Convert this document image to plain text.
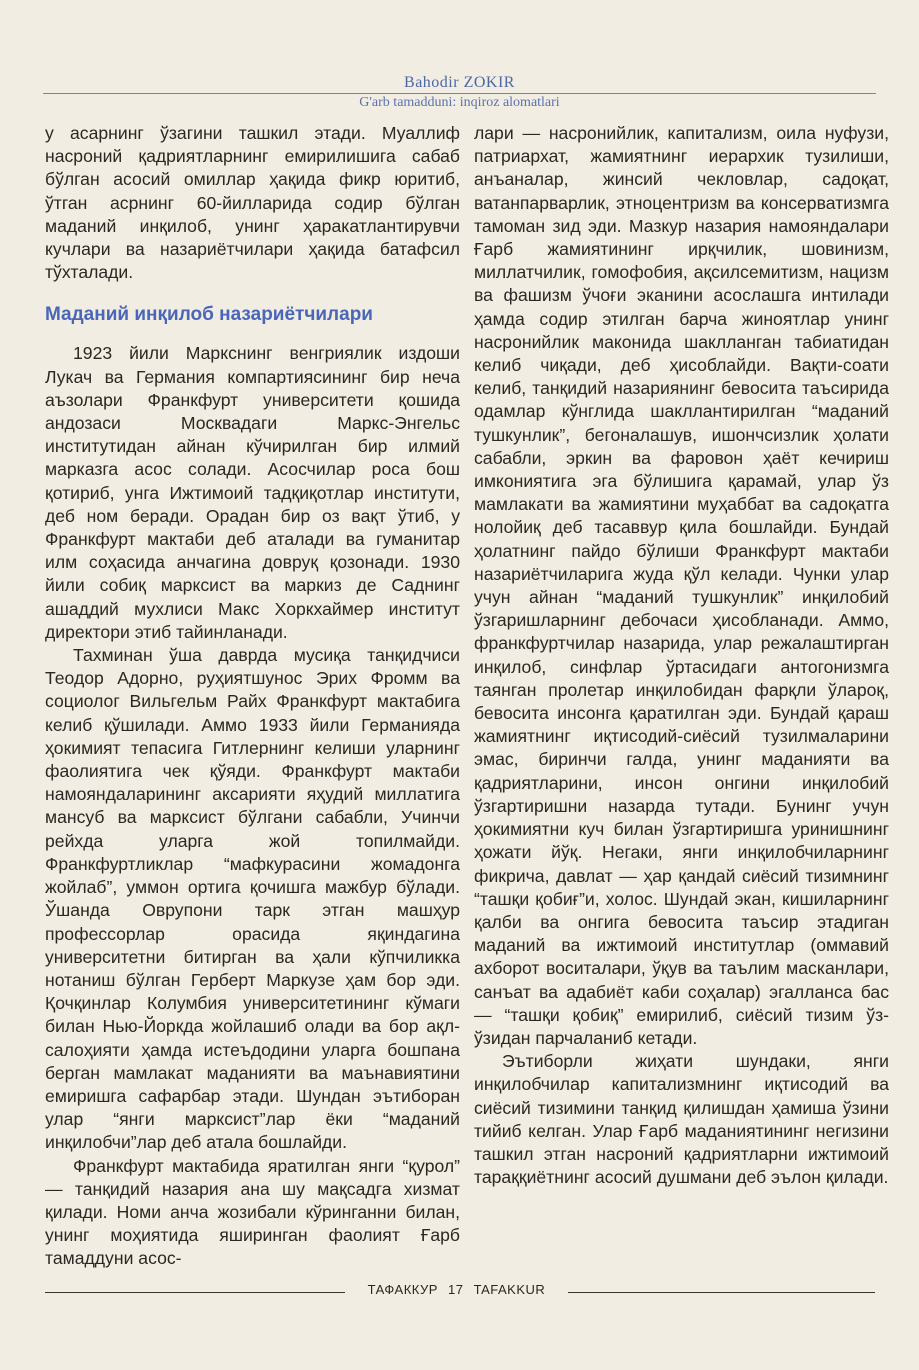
Bahodir ZOKIR
G'arb tamadduni: inqiroz alomatlari

у асарнинг ўзагини ташкил этади. Муаллиф насроний қадриятларнинг емирилишига сабаб бўлган асосий омиллар ҳақида фикр юритиб, ўтган асрнинг 60-йилларида содир бўлган маданий инқилоб, унинг ҳаракатлантирувчи кучлари ва назариётчилари ҳақида батафсил тўхталади.

Маданий инқилоб назариётчилари

1923 йили Маркснинг венгриялик издоши Лукач ва Германия компартиясининг бир неча аъзолари Франкфурт университети қошида андозаси Москвадаги Маркс-Энгельс институтидан айнан кўчирилган бир илмий марказга асос солади. Асосчилар роса бош қотириб, унга Ижтимоий тадқиқотлар институти, деб ном беради. Орадан бир оз вақт ўтиб, у Франкфурт мактаби деб аталади ва гуманитар илм соҳасида анчагина довруқ қозонади. 1930 йили собиқ марксист ва маркиз де Саднинг ашаддий мухлиси Макс Хоркхаймер институт директори этиб тайинланади.

Тахминан ўша даврда мусиқа танқидчиси Теодор Адорно, руҳиятшунос Эрих Фромм ва социолог Вильгельм Райх Франкфурт мактабига келиб қўшилади. Аммо 1933 йили Германияда ҳокимият тепасига Гитлернинг келиши уларнинг фаолиятига чек қўяди. Франкфурт мактаби намояндаларининг аксарияти яҳудий миллатига мансуб ва марксист бўлгани сабабли, Учинчи рейхда уларга жой топилмайди. Франкфуртликлар “мафкурасини жомадонга жойлаб”, уммон ортига қочишга мажбур бўлади. Ўшанда Оврупони тарк этган машҳур профессорлар орасида яқиндагина университетни битирган ва ҳали кўпчиликка нотаниш бўлган Герберт Маркузе ҳам бор эди. Қочқинлар Колумбия университетининг кўмаги билан Нью-Йоркда жойлашиб олади ва бор ақл-салоҳияти ҳамда истеъдодини уларга бошпана берган мамлакат маданияти ва маънавиятини емиришга сафарбар этади. Шундан эътиборан улар “янги марксист”лар ёки “маданий инқилобчи”лар деб атала бошлайди.

Франкфурт мактабида яратилган янги “қурол” — танқидий назария ана шу мақсадга хизмат қилади. Номи анча жозибали кўринганни билан, унинг моҳиятида яширинган фаолият Ғарб тамаддуни асос-

лари — насронийлик, капитализм, оила нуфузи, патриархат, жамиятнинг иерархик тузилиши, анъаналар, жинсий чекловлар, садоқат, ватанпарварлик, этноцентризм ва консерватизмга тамоман зид эди. Мазкур назария намояндалари Ғарб жамиятининг ирқчилик, шовинизм, миллатчилик, гомофобия, ақсилсемитизм, нацизм ва фашизм ўчоғи эканини асослашга интилади ҳамда содир этилган барча жиноятлар унинг насронийлик маконида шаклланган табиатидан келиб чиқади, деб ҳисоблайди. Вақти-соати келиб, танқидий назариянинг бевосита таъсирида одамлар кўнглида шакллантирилган “маданий тушкунлик”, бегоналашув, ишончсизлик ҳолати сабабли, эркин ва фаровон ҳаёт кечириш имкониятига эга бўлишига қарамай, улар ўз мамлакати ва жамиятини муҳаббат ва садоқатга нолойиқ деб тасаввур қила бошлайди. Бундай ҳолатнинг пайдо бўлиши Франкфурт мактаби назариётчиларига жуда қўл келади. Чунки улар учун айнан “маданий тушкунлик” инқилобий ўзгаришларнинг дебочаси ҳисобланади. Аммо, франкфуртчилар назарида, улар режалаштирган инқилоб, синфлар ўртасидаги антогонизмга таянган пролетар инқилобидан фарқли ўлароқ, бевосита инсонга қаратилган эди. Бундай қараш жамиятнинг иқтисодий-сиёсий тузилмаларини эмас, биринчи галда, унинг маданияти ва қадриятларини, инсон онгини инқилобий ўзгартиришни назарда тутади. Бунинг учун ҳокимиятни куч билан ўзгартиришга уринишнинг ҳожати йўқ. Негаки, янги инқилобчиларнинг фикрича, давлат — ҳар қандай сиёсий тизимнинг “ташқи қобиғ”и, холос. Шундай экан, кишиларнинг қалби ва онгига бевосита таъсир этадиган маданий ва ижтимоий институтлар (оммавий ахборот воситалари, ўқув ва таълим масканлари, санъат ва адабиёт каби соҳалар) эгалланса бас — “ташқи қобиқ” емирилиб, сиёсий тизим ўз-ўзидан парчаланиб кетади.

Эътиборли жиҳати шундаки, янги инқилобчилар капитализмнинг иқтисодий ва сиёсий тизимини танқид қилишдан ҳамиша ўзини тийиб келган. Улар Ғарб маданиятининг негизини ташкил этган насроний қадриятларни ижтимоий тараққиётнинг асосий душмани деб эълон қилади.

ТАФАККУР 17 TAFAKKUR
